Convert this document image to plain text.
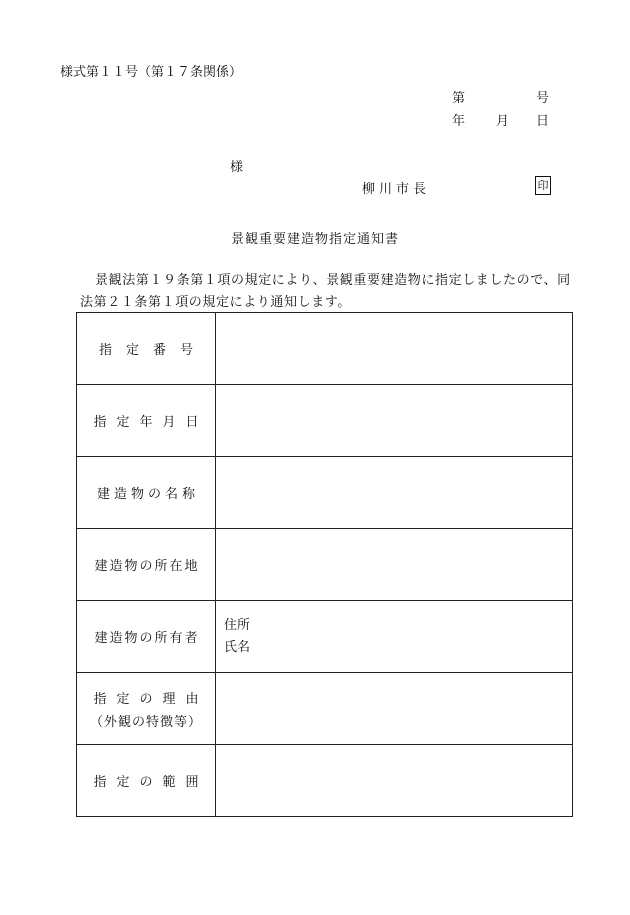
様式第１１号（第１７条関係）
第	号
年 月 日
様
柳川市長	印
景観重要建造物指定通知書
景観法第１９条第１項の規定により、景観重要建造物に指定しましたので、同法第２１条第１項の規定により通知します。
指定番号	

指定年月日	

建造物の名称	

建造物の所在地	

建造物の所有者	住所
氏名

指定の理由
（外観の特徴等）	

指定の範囲	
